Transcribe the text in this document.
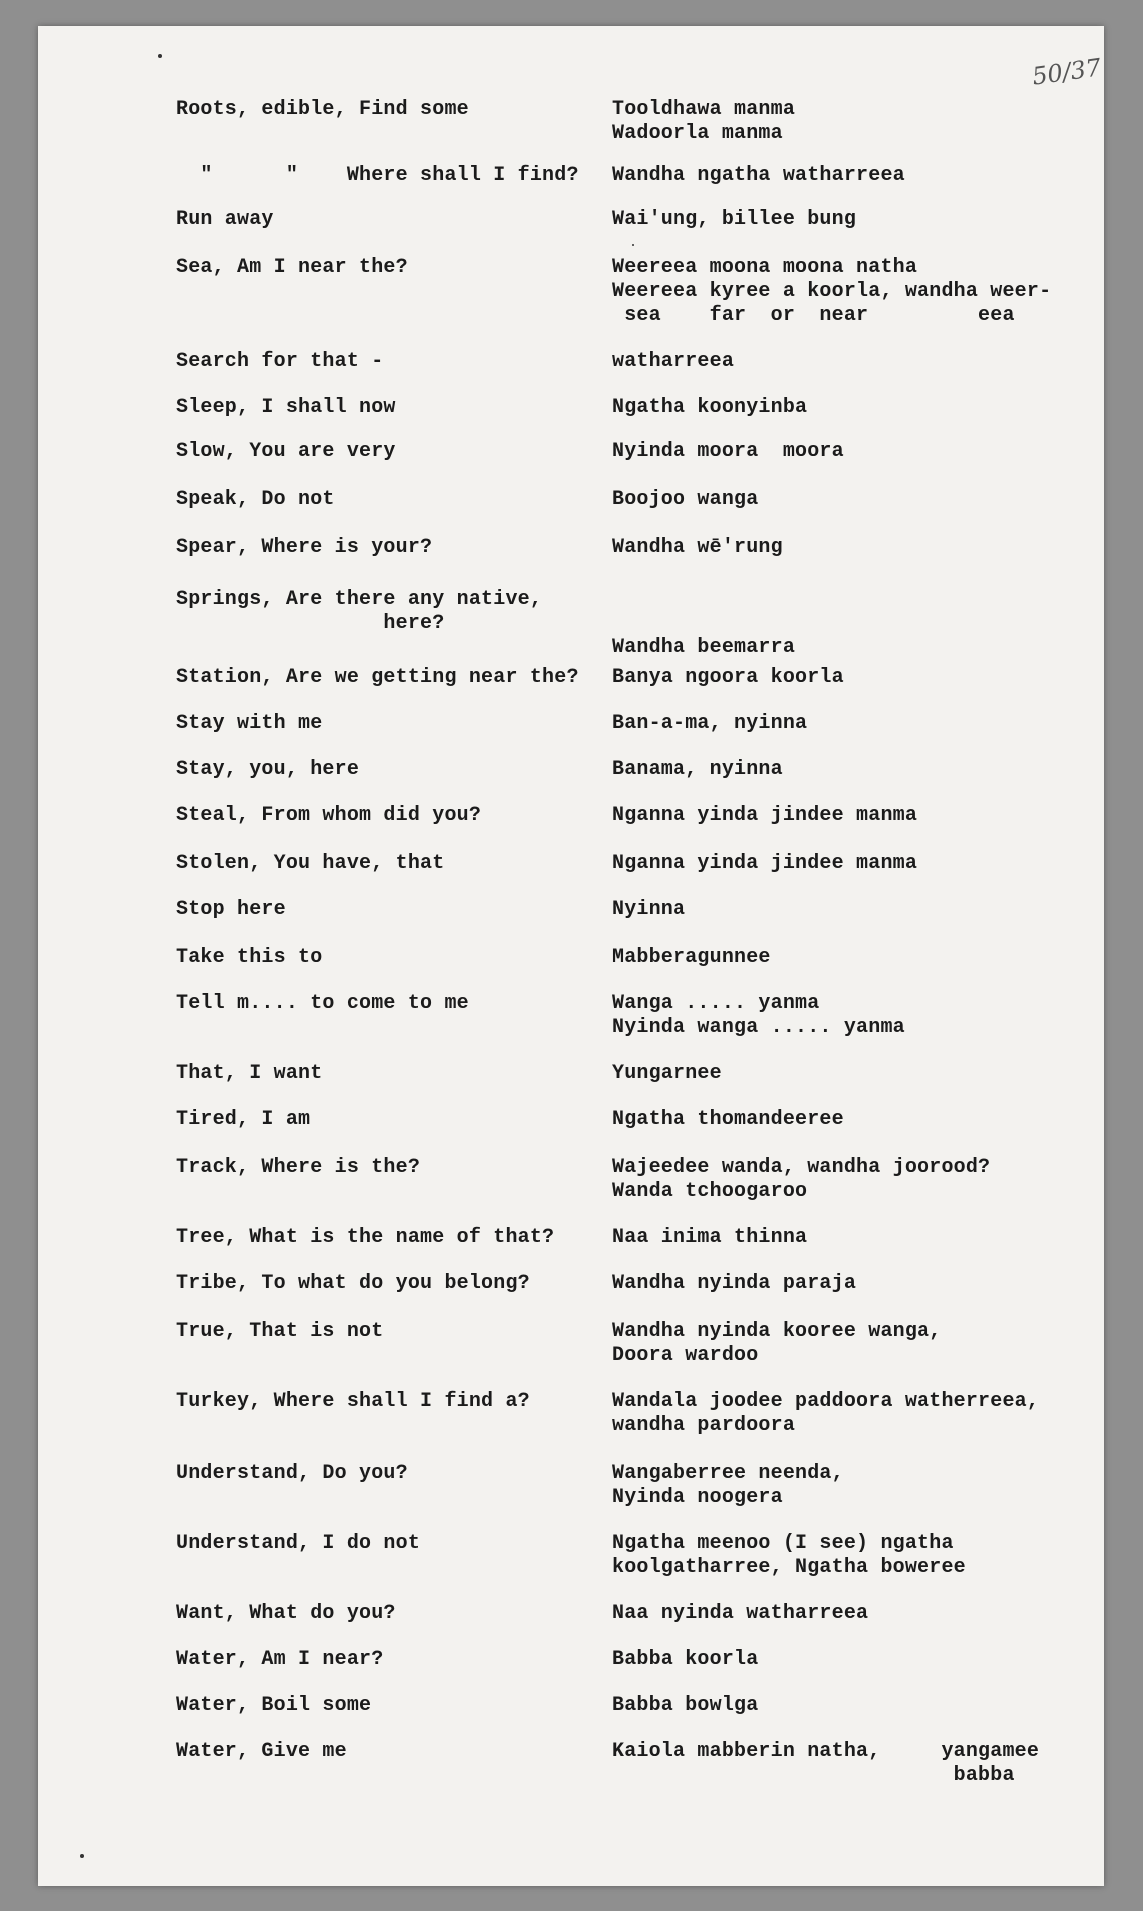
50/37
Roots, edible, Find some	Tooldhawa manma
Wadoorla manma
"      "    Where shall I find?	Wandha ngatha watharreea
Run away	Wai'ung, billee bung
Sea, Am I near the?	Weereea moona moona natha
Weereea kyree a koorla, wandha weer-
sea    far  or  near         eea
Search for that -	watharreea
Sleep, I shall now	Ngatha koonyinba
Slow, You are very	Nyinda moora  moora
Speak, Do not	Boojoo wanga
Spear, Where is your?	Wandha wē'rung
Springs, Are there any native,
here?

Wandha beemarra
Station, Are we getting near the?	Banya ngoora koorla
Stay with me	Ban-a-ma, nyinna
Stay, you, here	Banama, nyinna
Steal, From whom did you?	Nganna yinda jindee manma
Stolen, You have, that	Nganna yinda jindee manma
Stop here	Nyinna
Take this to	Mabberagunnee
Tell m.... to come to me	Wanga ..... yanma
Nyinda wanga ..... yanma
That, I want	Yungarnee
Tired, I am	Ngatha thomandeeree
Track, Where is the?	Wajeedee wanda, wandha joorood?
Wanda tchoogaroo
Tree, What is the name of that?	Naa inima thinna
Tribe, To what do you belong?	Wandha nyinda paraja
True, That is not	Wandha nyinda kooree wanga,
Doora wardoo
Turkey, Where shall I find a?	Wandala joodee paddoora watherreea,
wandha pardoora
Understand, Do you?	Wangaberree neenda,
Nyinda noogera
Understand, I do not	Ngatha meenoo (I see) ngatha
koolgatharree, Ngatha boweree
Want, What do you?	Naa nyinda watharreea
Water, Am I near?	Babba koorla
Water, Boil some	Babba bowlga
Water, Give me	Kaiola mabberin natha,     yangamee
babba
